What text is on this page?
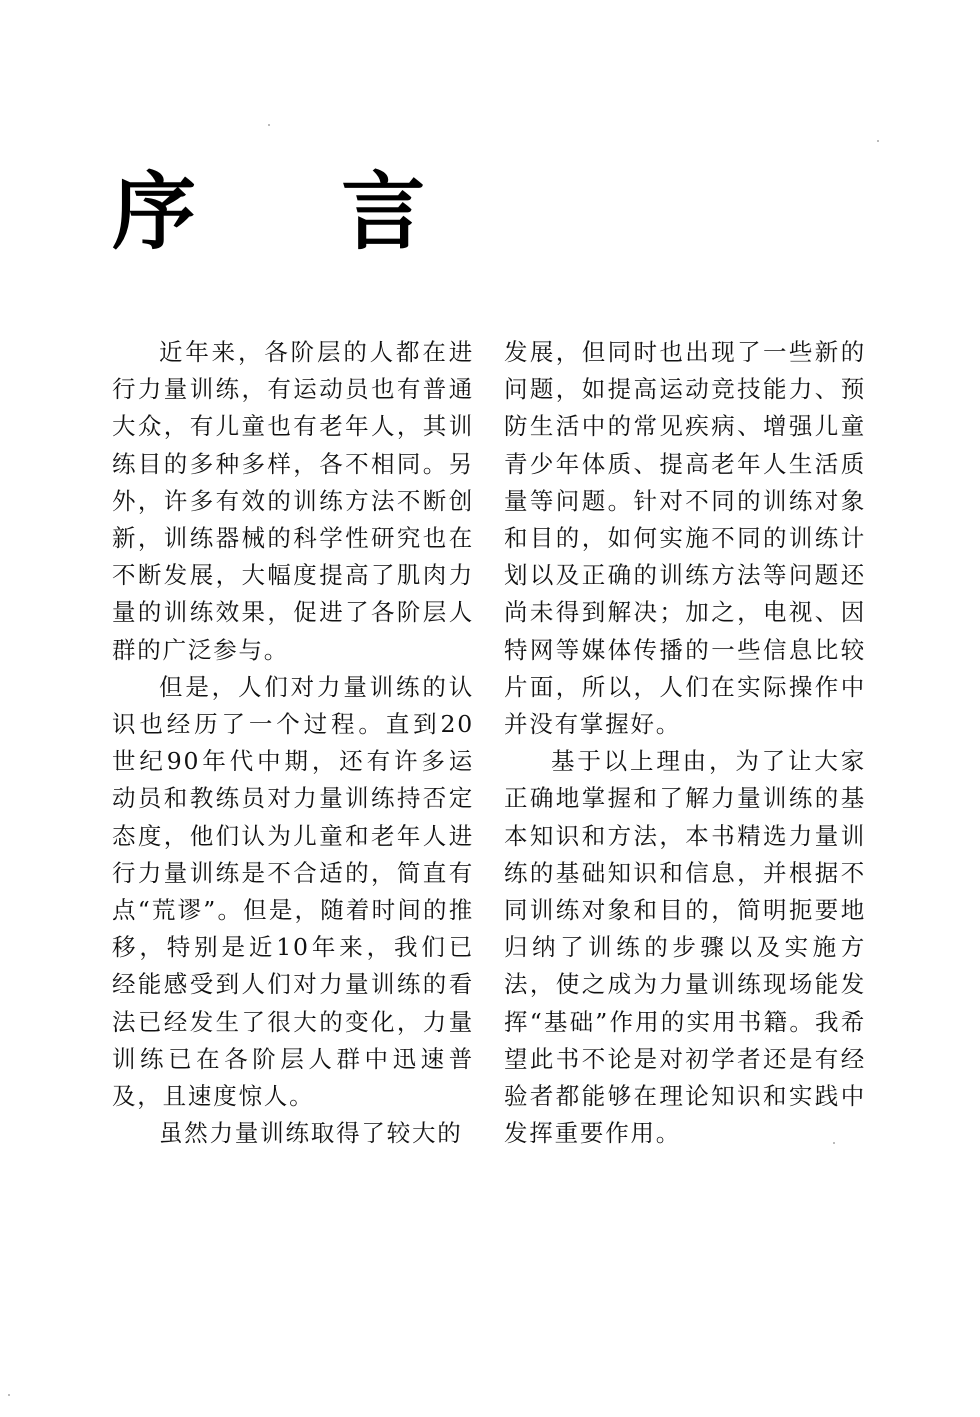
序 言

近年来，各阶层的人都在进行力量训练，有运动员也有普通大众，有儿童也有老年人，其训练目的多种多样，各不相同。另外，许多有效的训练方法不断创新，训练器械的科学性研究也在不断发展，大幅度提高了肌肉力量的训练效果，促进了各阶层人群的广泛参与。

但是，人们对力量训练的认识也经历了一个过程。直到20世纪90年代中期，还有许多运动员和教练员对力量训练持否定态度，他们认为儿童和老年人进行力量训练是不合适的，简直有点“荒谬”。但是，随着时间的推移，特别是近10年来，我们已经能感受到人们对力量训练的看法已经发生了很大的变化，力量训练已在各阶层人群中迅速普及，且速度惊人。

虽然力量训练取得了较大的

发展，但同时也出现了一些新的问题，如提高运动竞技能力、预防生活中的常见疾病、增强儿童青少年体质、提高老年人生活质量等问题。针对不同的训练对象和目的，如何实施不同的训练计划以及正确的训练方法等问题还尚未得到解决；加之，电视、因特网等媒体传播的一些信息比较片面，所以，人们在实际操作中并没有掌握好。

基于以上理由，为了让大家正确地掌握和了解力量训练的基本知识和方法，本书精选力量训练的基础知识和信息，并根据不同训练对象和目的，简明扼要地归纳了训练的步骤以及实施方法，使之成为力量训练现场能发挥“基础”作用的实用书籍。我希望此书不论是对初学者还是有经验者都能够在理论知识和实践中发挥重要作用。
